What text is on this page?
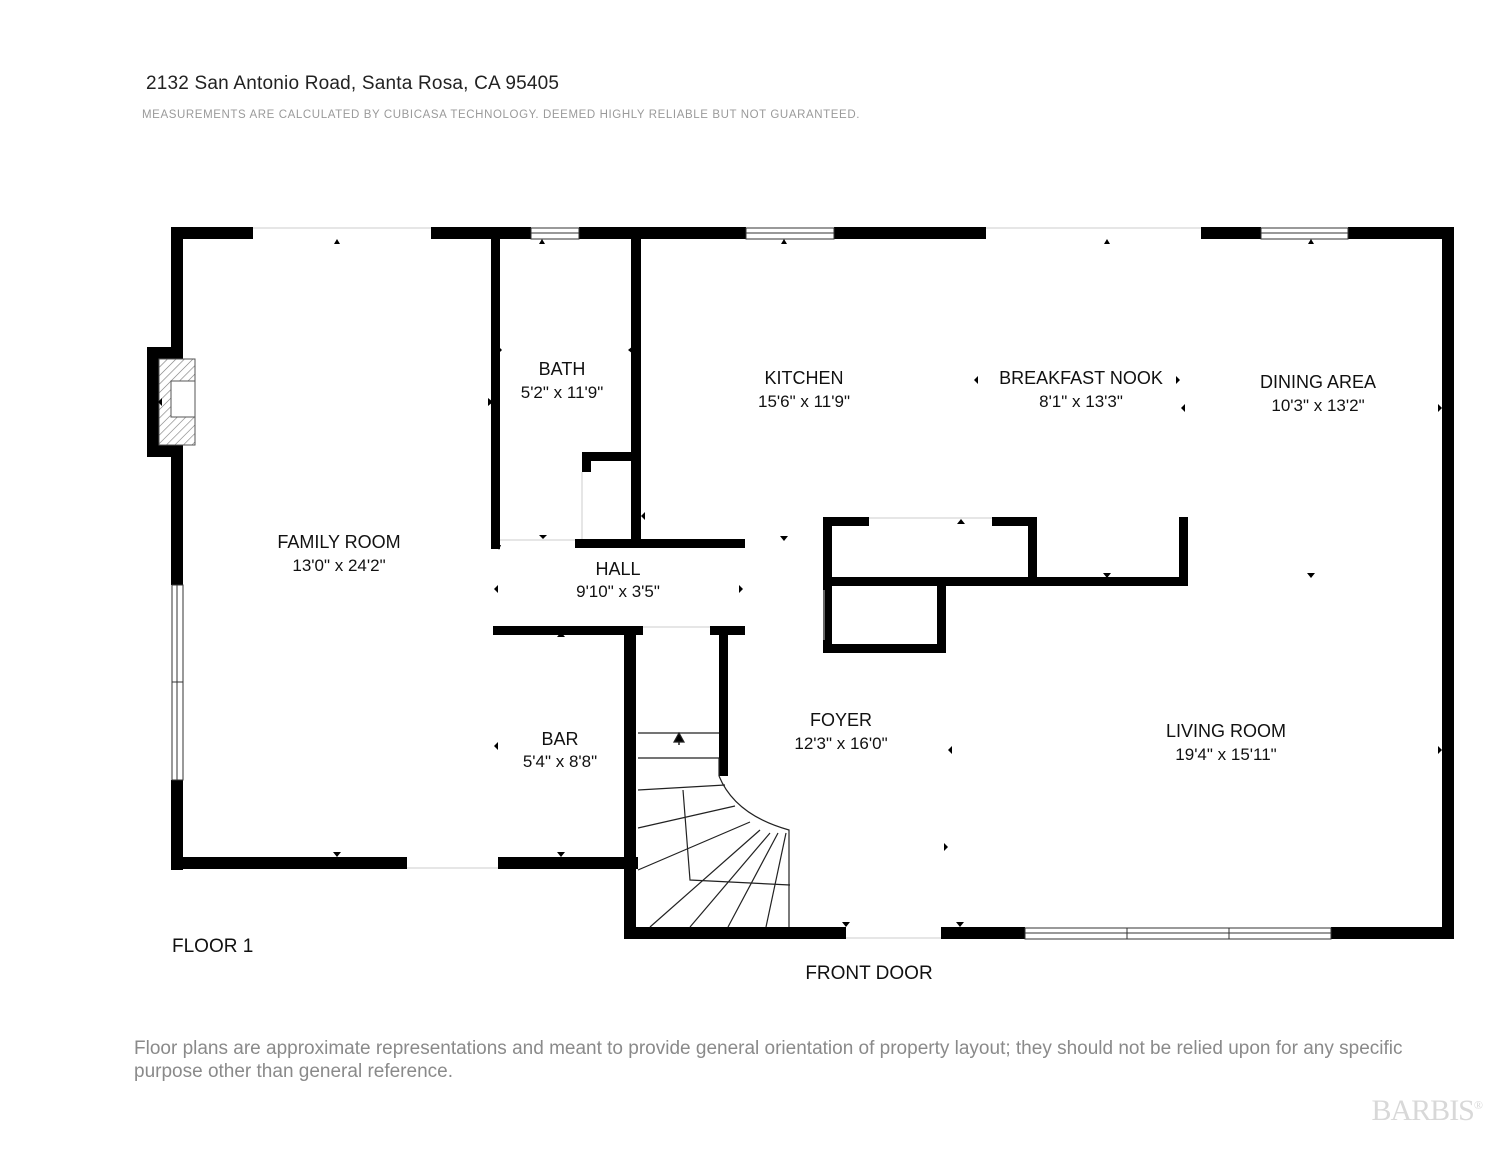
2132 San Antonio Road, Santa Rosa, CA 95405
MEASUREMENTS ARE CALCULATED BY CUBICASA TECHNOLOGY. DEEMED HIGHLY RELIABLE BUT NOT GUARANTEED.
FAMILY ROOM
13'0" x 24'2"
BATH
5'2" x 11'9"
KITCHEN
15'6" x 11'9"
BREAKFAST NOOK
8'1" x 13'3"
DINING AREA
10'3" x 13'2"
HALL
9'10" x 3'5"
BAR
5'4" x 8'8"
FOYER
12'3" x 16'0"
LIVING ROOM
19'4" x 15'11"
FLOOR 1
FRONT DOOR
Floor plans are approximate representations and meant to provide general orientation of property layout; they should not be relied upon for any specific purpose other than general reference.
BARBIS®
